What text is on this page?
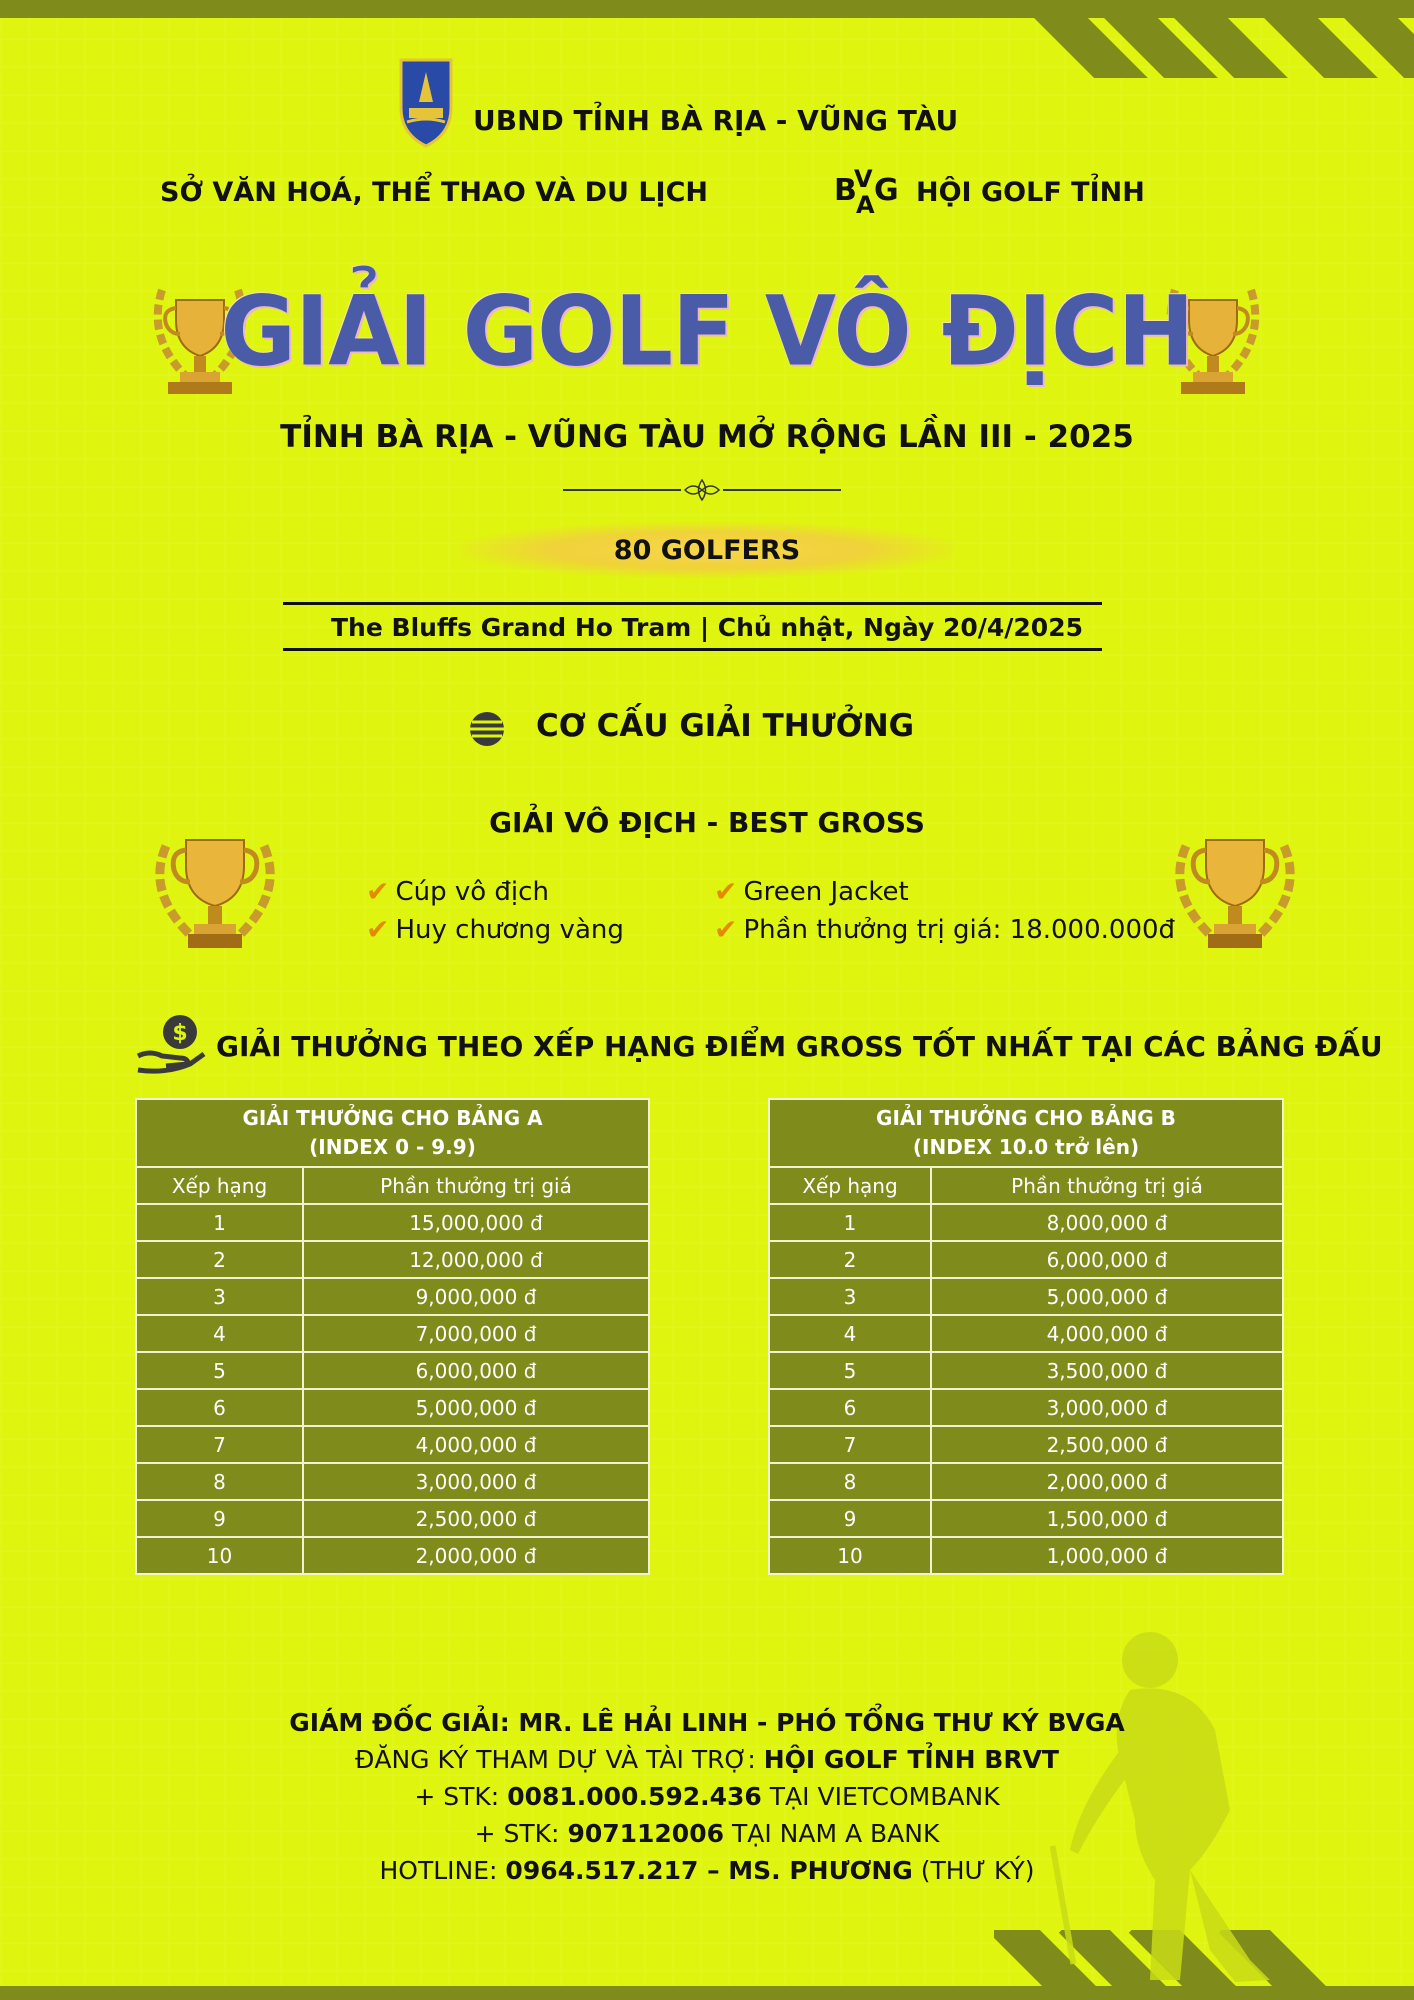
UBND TỈNH BÀ RỊA - VŨNG TÀU
SỞ VĂN HOÁ, THỂ THAO VÀ DU LỊCH	B
V
A G HỘI GOLF TỈNH
GIẢI GOLF VÔ ĐỊCH
TỈNH BÀ RỊA - VŨNG TÀU MỞ RỘNG LẦN III - 2025
80 GOLFERS
The Bluffs Grand Ho Tram | Chủ nhật, Ngày 20/4/2025
CƠ CẤU GIẢI THƯỞNG
GIẢI VÔ ĐỊCH - BEST GROSS
✔ Cúp vô địch
✔ Huy chương vàng
✔ Green Jacket
✔ Phần thưởng trị giá: 18.000.000đ
$ GIẢI THƯỞNG THEO XẾP HẠNG ĐIỂM GROSS TỐT NHẤT TẠI CÁC BẢNG ĐẤU
GIẢI THƯỞNG CHO BẢNG A
(INDEX 0 - 9.9)	

Xếp hạng	Phần thưởng trị giá
1	15,000,000 đ
2	12,000,000 đ
3	9,000,000 đ
4	7,000,000 đ
5	6,000,000 đ
6	5,000,000 đ
7	4,000,000 đ
8	3,000,000 đ
9	2,500,000 đ
10	2,000,000 đ
GIẢI THƯỞNG CHO BẢNG B
(INDEX 10.0 trở lên)	

Xếp hạng	Phần thưởng trị giá
1	8,000,000 đ
2	6,000,000 đ
3	5,000,000 đ
4	4,000,000 đ
5	3,500,000 đ
6	3,000,000 đ
7	2,500,000 đ
8	2,000,000 đ
9	1,500,000 đ
10	1,000,000 đ
GIÁM ĐỐC GIẢI: MR. LÊ HẢI LINH - PHÓ TỔNG THƯ KÝ BVGA
ĐĂNG KÝ THAM DỰ VÀ TÀI TRỢ: HỘI GOLF TỈNH BRVT
+ STK: 0081.000.592.436 TẠI VIETCOMBANK
+ STK: 907112006 TẠI NAM A BANK
HOTLINE: 0964.517.217 – MS. PHƯƠNG (THƯ KÝ)
